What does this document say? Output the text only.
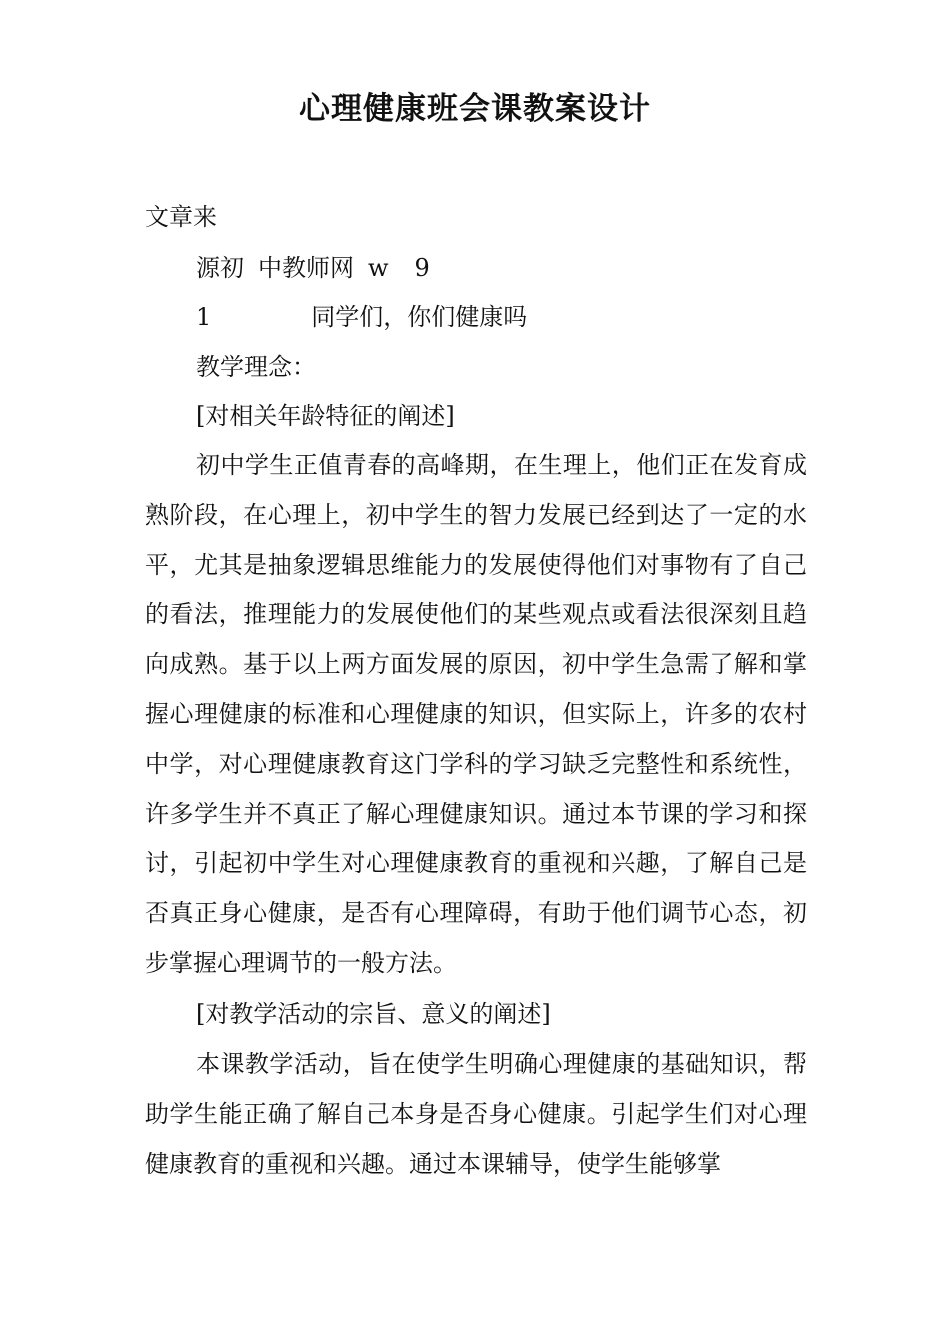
心理健康班会课教案设计

文章来

源初 中教师网 w 9

1	同学们，你们健康吗

教学理念：

[对相关年龄特征的阐述]

初中学生正值青春的高峰期，在生理上，他们正在发育成熟阶段，在心理上，初中学生的智力发展已经到达了一定的水平，尤其是抽象逻辑思维能力的发展使得他们对事物有了自己的看法，推理能力的发展使他们的某些观点或看法很深刻且趋向成熟。基于以上两方面发展的原因，初中学生急需了解和掌握心理健康的标准和心理健康的知识，但实际上，许多的农村中学，对心理健康教育这门学科的学习缺乏完整性和系统性，许多学生并不真正了解心理健康知识。通过本节课的学习和探讨，引起初中学生对心理健康教育的重视和兴趣，了解自己是否真正身心健康，是否有心理障碍，有助于他们调节心态，初步掌握心理调节的一般方法。

[对教学活动的宗旨、意义的阐述]

本课教学活动，旨在使学生明确心理健康的基础知识，帮助学生能正确了解自己本身是否身心健康。引起学生们对心理健康教育的重视和兴趣。通过本课辅导，使学生能够掌
